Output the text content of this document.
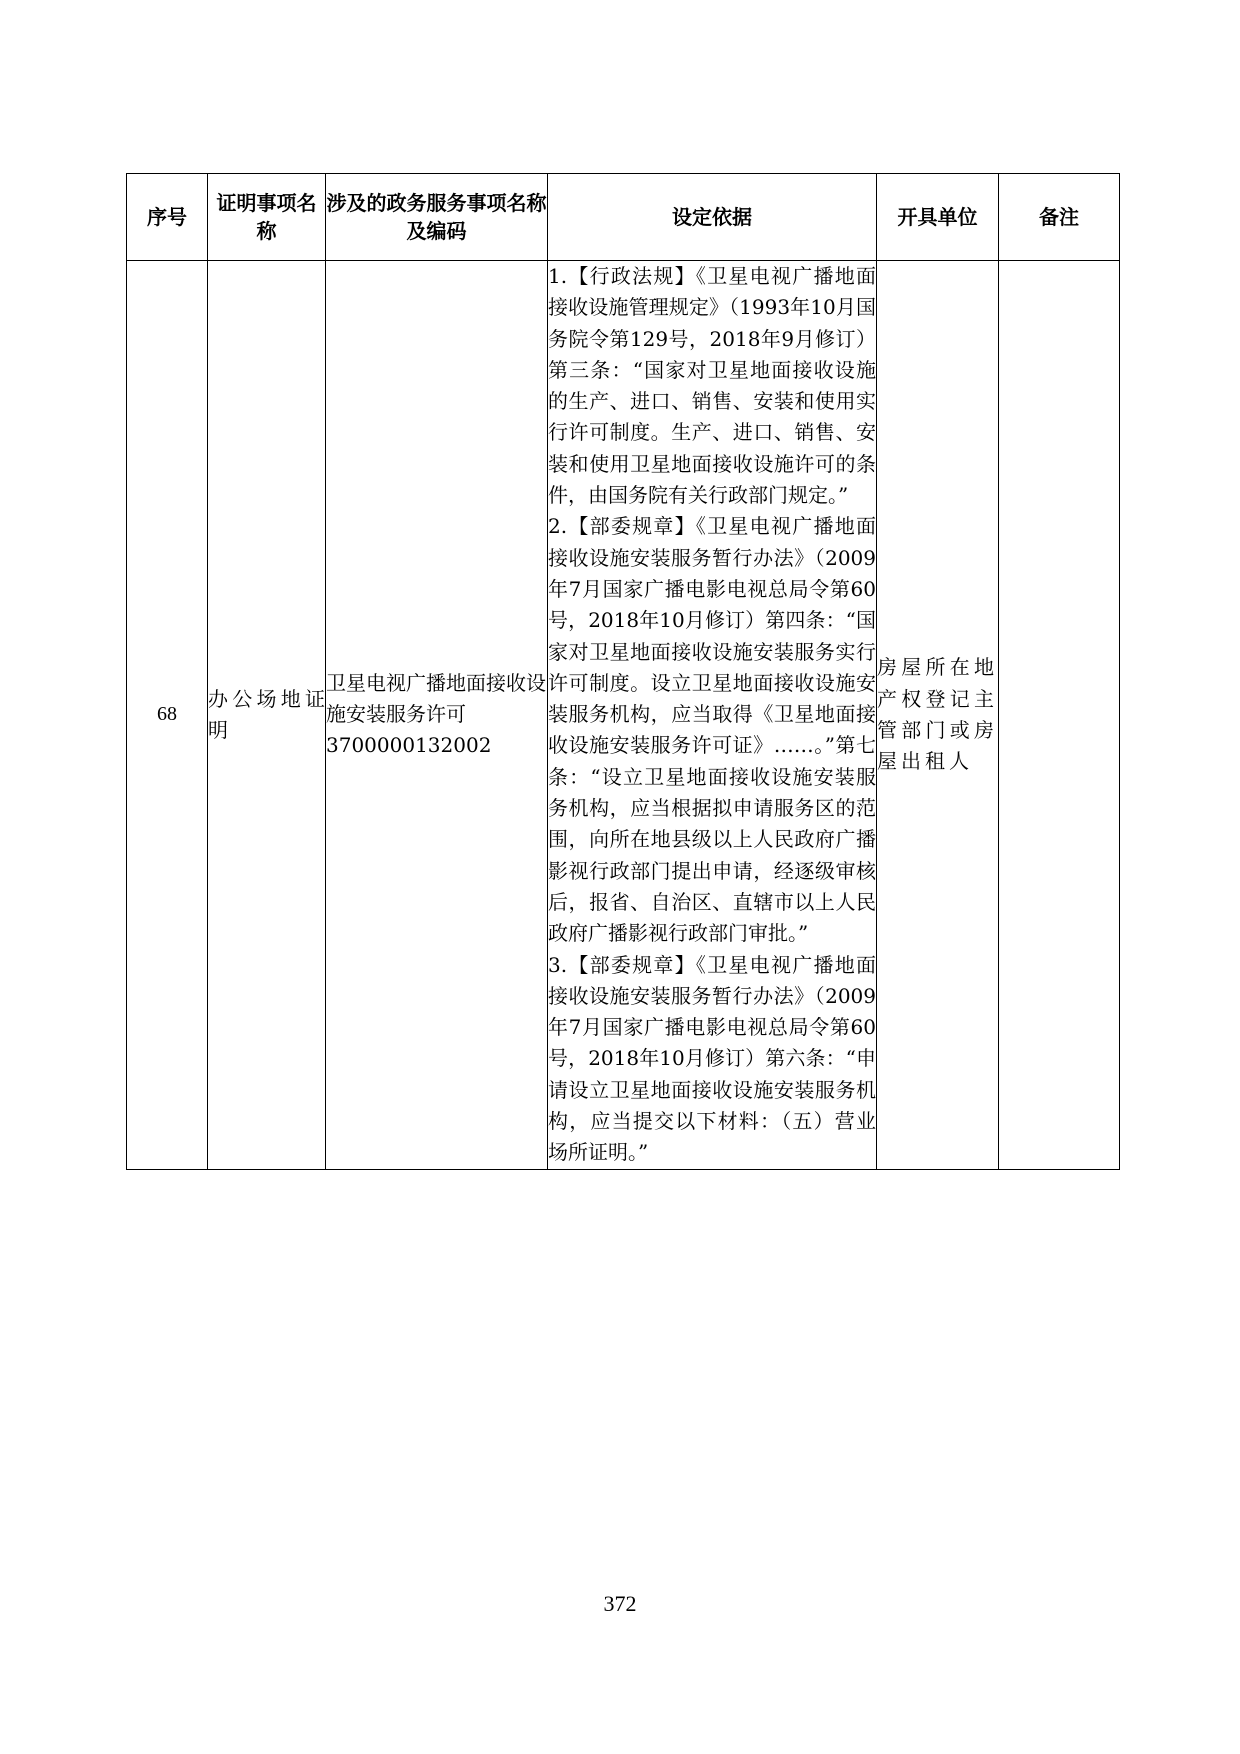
序号	证明事项名称	涉及的政务服务事项名称及编码	设定依据	开具单位	备注
68	办公场地证明	卫星电视广播地面接收设施安装服务许可3700000132002	1.【行政法规】《卫星电视广播地面接收设施管理规定》（1993年10月国务院令第129号，2018年9月修订）第三条：“国家对卫星地面接收设施的生产、进口、销售、安装和使用实行许可制度。生产、进口、销售、安装和使用卫星地面接收设施许可的条件，由国务院有关行政部门规定。”

2.【部委规章】《卫星电视广播地面接收设施安装服务暂行办法》（2009年7月国家广播电影电视总局令第60号，2018年10月修订）第四条：“国家对卫星地面接收设施安装服务实行许可制度。设立卫星地面接收设施安装服务机构，应当取得《卫星地面接收设施安装服务许可证》……。”第七条：“设立卫星地面接收设施安装服务机构，应当根据拟申请服务区的范围，向所在地县级以上人民政府广播影视行政部门提出申请，经逐级审核后，报省、自治区、直辖市以上人民政府广播影视行政部门审批。”

3.【部委规章】《卫星电视广播地面接收设施安装服务暂行办法》（2009年7月国家广播电影电视总局令第60号，2018年10月修订）第六条：“申请设立卫星地面接收设施安装服务机构，应当提交以下材料：（五）营业场所证明。”	房屋所在地产权登记主管部门或房屋出租人	
372
